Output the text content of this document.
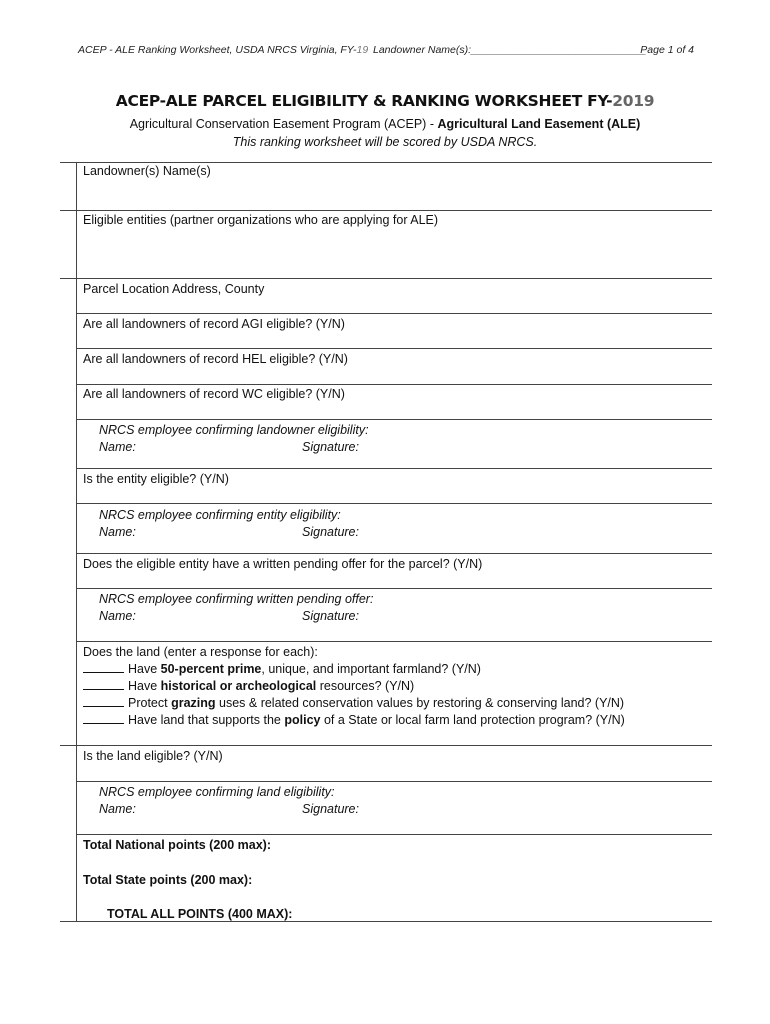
ACEP - ALE Ranking Worksheet, USDA NRCS Virginia, FY-19 Landowner Name(s):______________________________
Page 1 of 4
ACEP-ALE PARCEL ELIGIBILITY & RANKING WORKSHEET FY-2019
Agricultural Conservation Easement Program (ACEP) - Agricultural Land Easement (ALE)
This ranking worksheet will be scored by USDA NRCS.
Landowner(s) Name(s)
Eligible entities (partner organizations who are applying for ALE)
Parcel Location Address, County
Are all landowners of record AGI eligible? (Y/N)
Are all landowners of record HEL eligible? (Y/N)
Are all landowners of record WC eligible? (Y/N)
NRCS employee confirming landowner eligibility:
Name:	Signature:
Is the entity eligible? (Y/N)
NRCS employee confirming entity eligibility:
Name:	Signature:
Does the eligible entity have a written pending offer for the parcel? (Y/N)
NRCS employee confirming written pending offer:
Name:	Signature:
Does the land (enter a response for each):
Have 50-percent prime, unique, and important farmland? (Y/N)
Have historical or archeological resources? (Y/N)
Protect grazing uses & related conservation values by restoring & conserving land? (Y/N)
Have land that supports the policy of a State or local farm land protection program? (Y/N)
Is the land eligible? (Y/N)
NRCS employee confirming land eligibility:
Name:	Signature:
Total National points (200 max):
Total State points (200 max):
TOTAL ALL POINTS (400 MAX):
